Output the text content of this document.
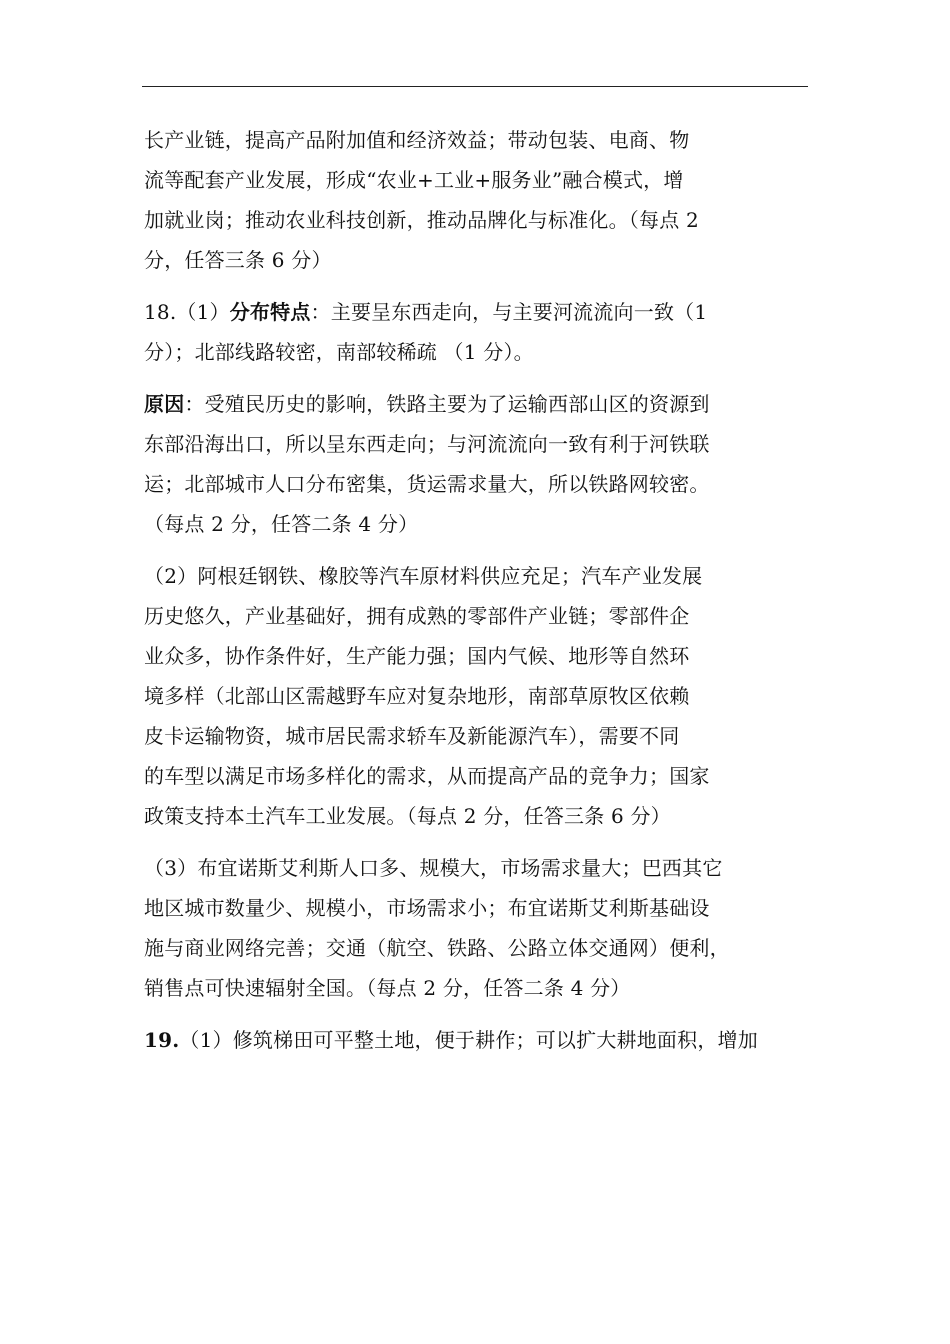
长产业链，提高产品附加值和经济效益；带动包装、电商、物
流等配套产业发展，形成“农业+工业+服务业”融合模式，增
加就业岗；推动农业科技创新，推动品牌化与标准化。（每点 2
分，任答三条 6 分）
18.（1）分布特点：主要呈东西走向，与主要河流流向一致（1
分）；北部线路较密，南部较稀疏 （1 分）。
原因：受殖民历史的影响，铁路主要为了运输西部山区的资源到
东部沿海出口，所以呈东西走向；与河流流向一致有利于河铁联
运；北部城市人口分布密集，货运需求量大，所以铁路网较密。
（每点 2 分，任答二条 4 分）
（2）阿根廷钢铁、橡胶等汽车原材料供应充足；汽车产业发展
历史悠久，产业基础好，拥有成熟的零部件产业链；零部件企
业众多，协作条件好，生产能力强；国内气候、地形等自然环
境多样（北部山区需越野车应对复杂地形，南部草原牧区依赖
皮卡运输物资，城市居民需求轿车及新能源汽车），需要不同
的车型以满足市场多样化的需求，从而提高产品的竞争力；国家
政策支持本土汽车工业发展。（每点 2 分，任答三条 6 分）
（3）布宜诺斯艾利斯人口多、规模大，市场需求量大；巴西其它
地区城市数量少、规模小，市场需求小；布宜诺斯艾利斯基础设
施与商业网络完善；交通（航空、铁路、公路立体交通网）便利，
销售点可快速辐射全国。（每点 2 分，任答二条 4 分）
19.（1）修筑梯田可平整土地，便于耕作；可以扩大耕地面积，增加
